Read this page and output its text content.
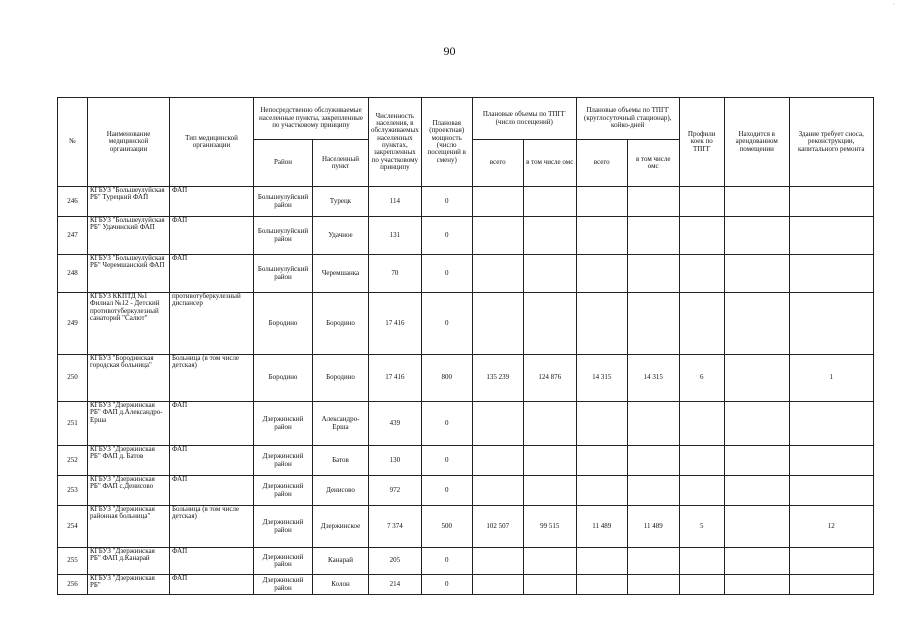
90
·
№	Наименование медицинской организации	Тип медицинской организации	Непосредственно обслуживаемые населенные пункты, закрепленные по участковому принципу		Численность населения, в обслуживаемых населенных пунктах, закрепленных по участковому принципу	Плановая (проектная) мощность (число посещений в смену)	Плановые объемы по ТПГГ (число посещений)		Плановые объемы по ТПГГ (круглосуточный стационар), койко-дней		Профили коек по ТПГГ	Находится в арендованном помещении	Здание требует сноса, реконструкции, капитального ремонта
			Район	Населенный пункт			всего	в том числе омс	всего	в том числе омс			
246	КГБУЗ "Большеулуйская РБ" Турецкий ФАП	ФАП	Большеулуйский район	Турецк	114	0							
247	КГБУЗ "Большеулуйская РБ" Удачинский ФАП	ФАП	Большеулуйский район	Удачное	131	0							
248	КГБУЗ "Большеулуйская РБ" Черемшанский ФАП	ФАП	Большеулуйский район	Черемшанка	70	0							
249	КГБУЗ ККПТД №1 Филиал №12 - Детский противотуберкулезный санаторий "Салют"	противотуберкулезный диспансер	Бородино	Бородино	17 416	0							
250	КГБУЗ "Бородинская городская больница"	Больница (в том числе детская)	Бородино	Бородино	17 416	800	135 239	124 876	14 315	14 315	6		1
251	КГБУЗ "Дзержинская РБ" ФАП д.Александро-Ерша	ФАП	Дзержинский район	Александро-Ерша	439	0							
252	КГБУЗ "Дзержинская РБ" ФАП д. Батов	ФАП	Дзержинский район	Батов	130	0							
253	КГБУЗ "Дзержинская РБ" ФАП с.Денисово	ФАП	Дзержинский район	Денисово	972	0							
254	КГБУЗ "Дзержинская районная больница"	Больница (в том числе детская)	Дзержинский район	Дзержинское	7 374	500	102 507	99 515	11 489	11 489	5		12
255	КГБУЗ "Дзержинская РБ" ФАП д.Канарай	ФАП	Дзержинский район	Канарай	205	0							
256	КГБУЗ "Дзержинская РБ"	ФАП	Дзержинский район	Колон	214	0							
